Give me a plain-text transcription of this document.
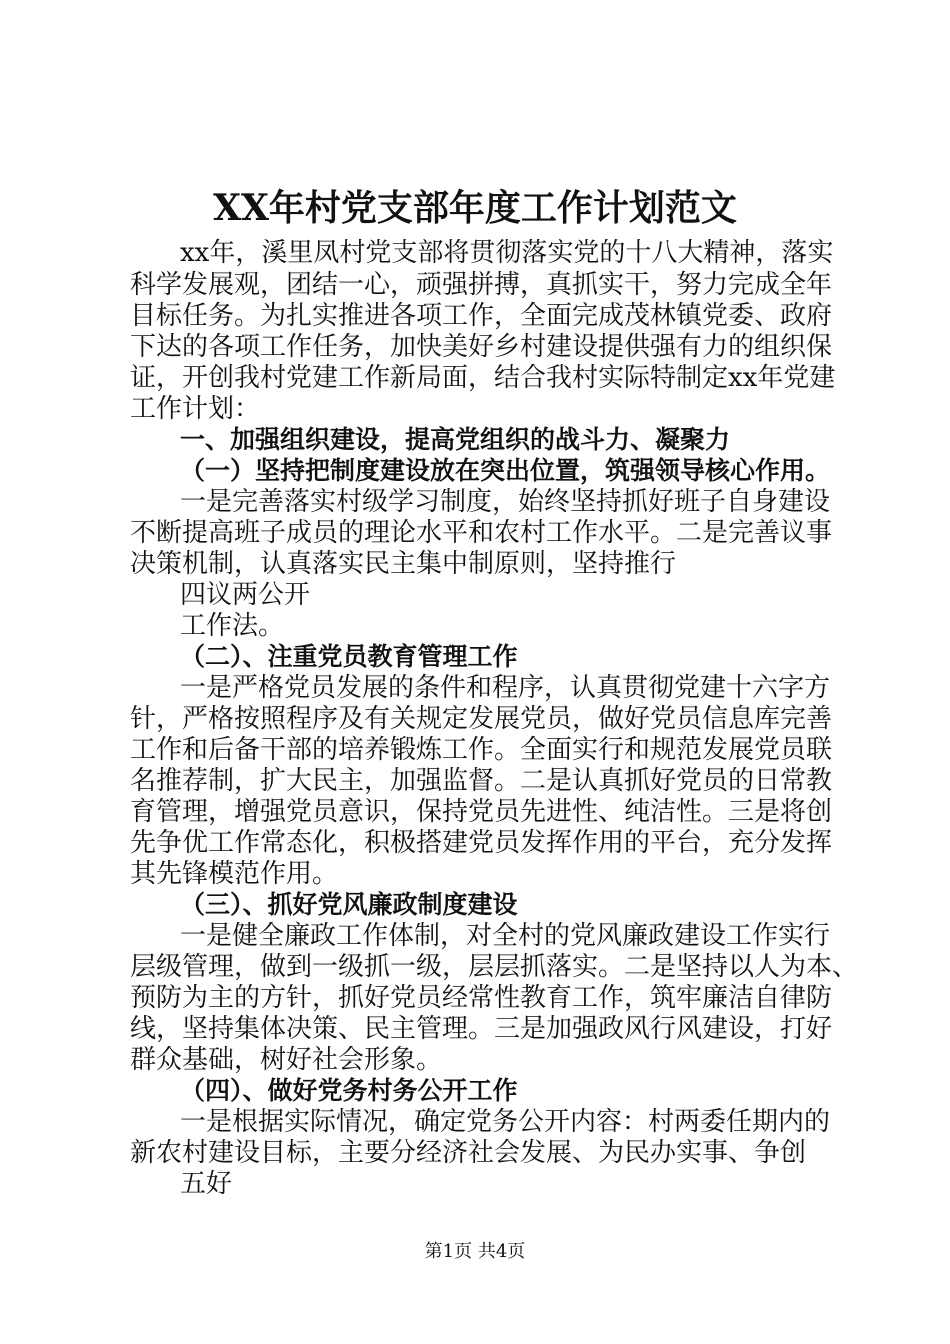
XX年村党支部年度工作计划范文
xx年，溪里凤村党支部将贯彻落实党的十八大精神，落实
科学发展观，团结一心，顽强拼搏，真抓实干，努力完成全年
目标任务。为扎实推进各项工作，全面完成茂林镇党委、政府
下达的各项工作任务，加快美好乡村建设提供强有力的组织保
证，开创我村党建工作新局面，结合我村实际特制定xx年党建
工作计划：
一、加强组织建设，提高党组织的战斗力、凝聚力
（一）坚持把制度建设放在突出位置，筑强领导核心作用。
一是完善落实村级学习制度，始终坚持抓好班子自身建设
不断提高班子成员的理论水平和农村工作水平。二是完善议事
决策机制，认真落实民主集中制原则，坚持推行
四议两公开
工作法。
（二）、注重党员教育管理工作
一是严格党员发展的条件和程序，认真贯彻党建十六字方
针，严格按照程序及有关规定发展党员，做好党员信息库完善
工作和后备干部的培养锻炼工作。全面实行和规范发展党员联
名推荐制，扩大民主，加强监督。二是认真抓好党员的日常教
育管理，增强党员意识，保持党员先进性、纯洁性。三是将创
先争优工作常态化，积极搭建党员发挥作用的平台，充分发挥
其先锋模范作用。
（三）、抓好党风廉政制度建设
一是健全廉政工作体制，对全村的党风廉政建设工作实行
层级管理，做到一级抓一级，层层抓落实。二是坚持以人为本、
预防为主的方针，抓好党员经常性教育工作，筑牢廉洁自律防
线，坚持集体决策、民主管理。三是加强政风行风建设，打好
群众基础，树好社会形象。
（四）、做好党务村务公开工作
一是根据实际情况，确定党务公开内容：村两委任期内的
新农村建设目标，主要分经济社会发展、为民办实事、争创
五好
第1页 共4页
